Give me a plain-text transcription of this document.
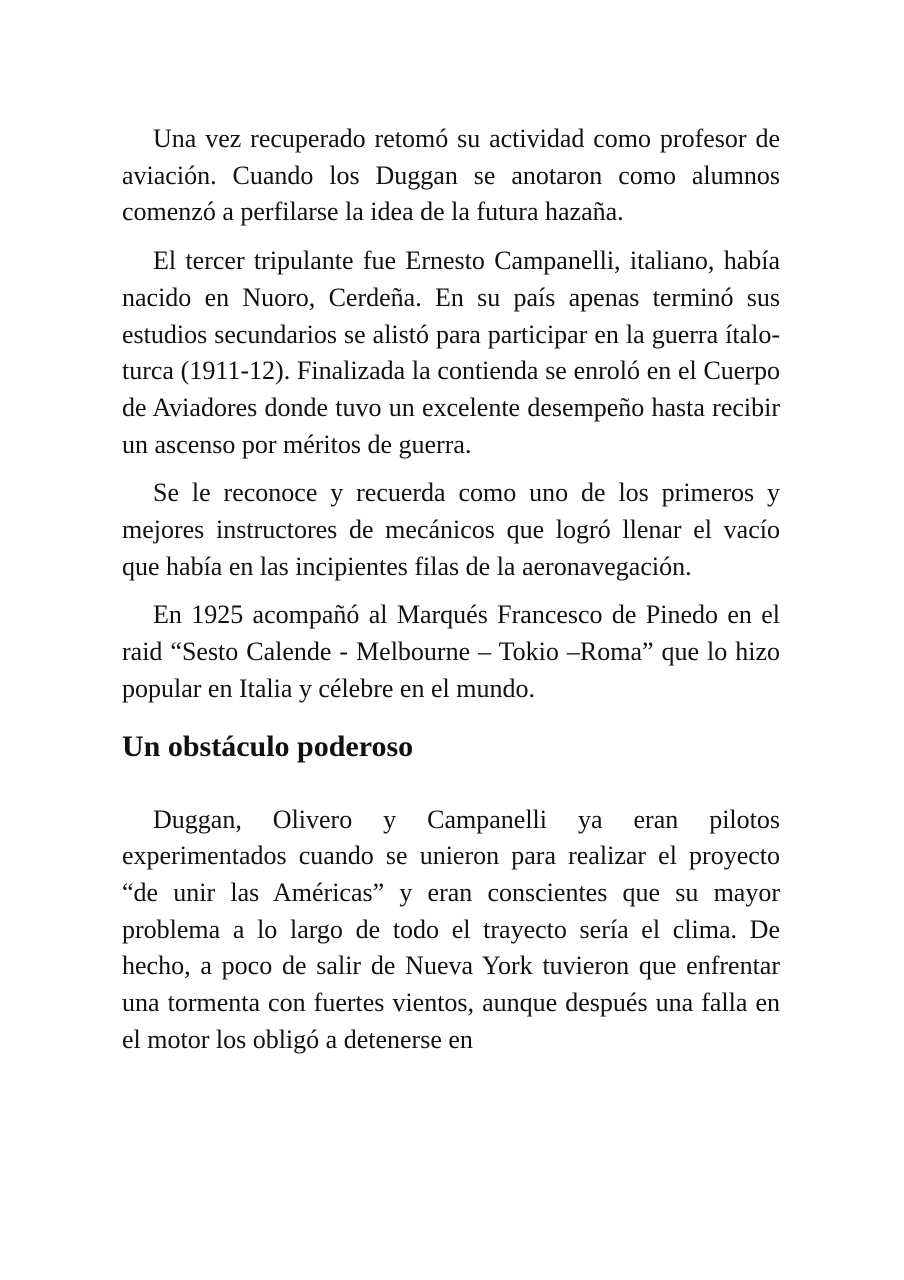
Una vez recuperado retomó su actividad como profesor de aviación. Cuando los Duggan se anotaron como alumnos comenzó a perfilarse la idea de la futura hazaña.

El tercer tripulante fue Ernesto Campanelli, italiano, había nacido en Nuoro, Cerdeña. En su país apenas terminó sus estudios secundarios se alistó para participar en la guerra ítalo-turca (1911-12). Finalizada la contienda se enroló en el Cuerpo de Aviadores donde tuvo un excelente desempeño hasta recibir un ascenso por méritos de guerra.

Se le reconoce y recuerda como uno de los primeros y mejores instructores de mecánicos que logró llenar el vacío que había en las incipientes filas de la aeronavegación.

En 1925 acompañó al Marqués Francesco de Pinedo en el raid “Sesto Calende - Melbourne – Tokio –Roma” que lo hizo popular en Italia y célebre en el mundo.

Un obstáculo poderoso

Duggan, Olivero y Campanelli ya eran pilotos experimentados cuando se unieron para realizar el proyecto “de unir las Américas” y eran conscientes que su mayor problema a lo largo de todo el trayecto sería el clima. De hecho, a poco de salir de Nueva York tuvieron que enfrentar una tormenta con fuertes vientos, aunque después una falla en el motor los obligó a detenerse en
